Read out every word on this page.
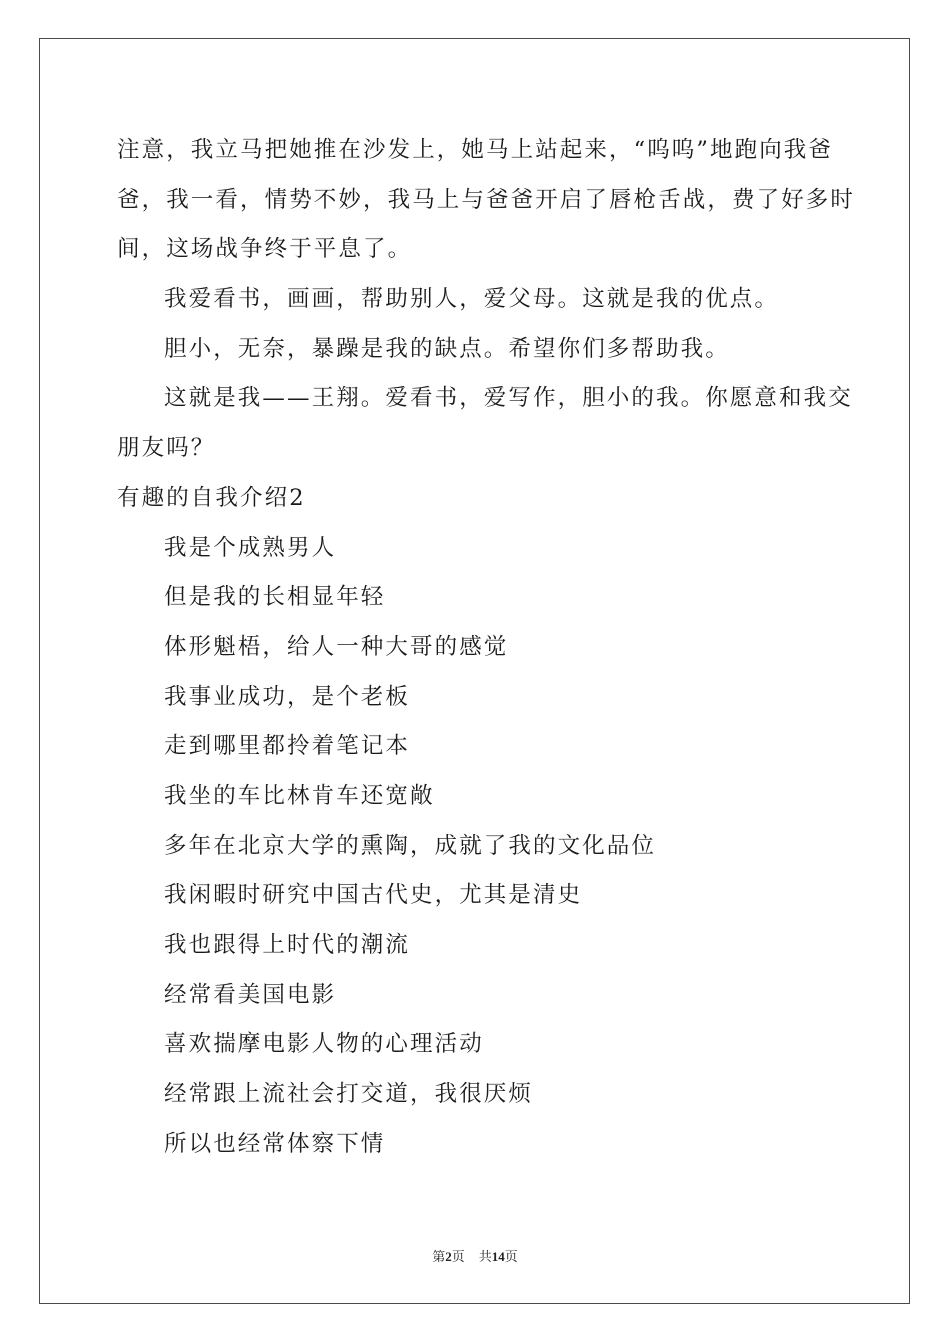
注意，我立马把她推在沙发上，她马上站起来，“呜呜”地跑向我爸
爸，我一看，情势不妙，我马上与爸爸开启了唇枪舌战，费了好多时
间，这场战争终于平息了。
我爱看书，画画，帮助别人，爱父母。这就是我的优点。
胆小，无奈，暴躁是我的缺点。希望你们多帮助我。
这就是我——王翔。爱看书，爱写作，胆小的我。你愿意和我交
朋友吗？
有趣的自我介绍2
我是个成熟男人
但是我的长相显年轻
体形魁梧，给人一种大哥的感觉
我事业成功，是个老板
走到哪里都拎着笔记本
我坐的车比林肯车还宽敞
多年在北京大学的熏陶，成就了我的文化品位
我闲暇时研究中国古代史，尤其是清史
我也跟得上时代的潮流
经常看美国电影
喜欢揣摩电影人物的心理活动
经常跟上流社会打交道，我很厌烦
所以也经常体察下情
第2页 共14页
